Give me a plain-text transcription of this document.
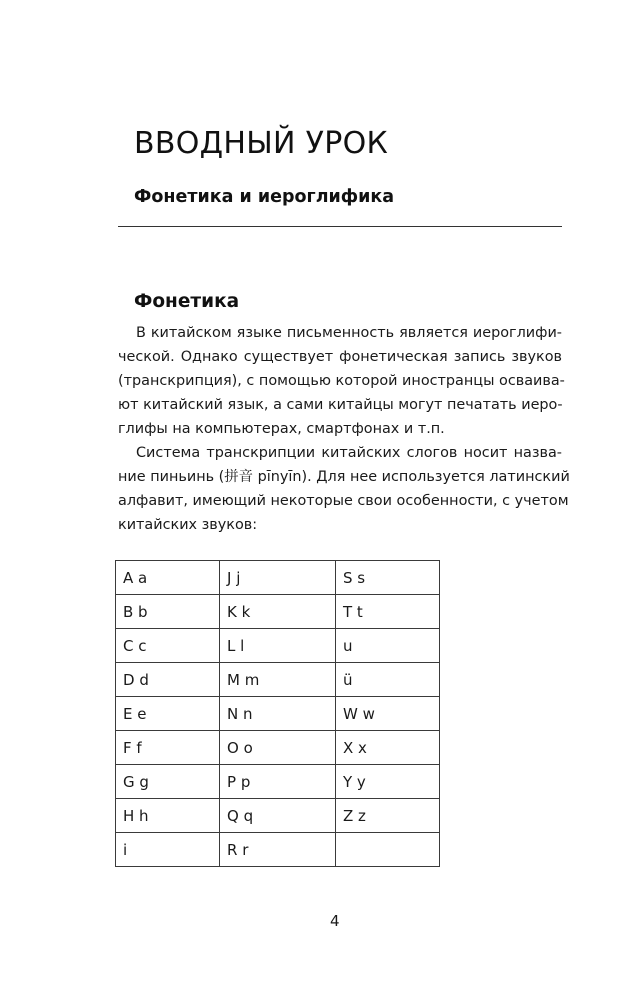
ВВОДНЫЙ УРОК
Фонетика и иероглифика
Фонетика
В китайском языке письменность является иероглифи-
ческой. Однако существует фонетическая запись звуков
(транскрипция), с помощью которой иностранцы осваива-
ют китайский язык, а сами китайцы могут печатать иеро-
глифы на компьютерах, смартфонах и т.п.
Система транскрипции китайских слогов носит назва-
ние пиньинь (拼音 pīnyīn). Для нее используется латинский
алфавит, имеющий некоторые свои особенности, с учетом
китайских звуков:
A a	J j	S s
B b	K k	T t
C c	L l	u
D d	M m	ü
E e	N n	W w
F f	O o	X x
G g	P p	Y y
H h	Q q	Z z
i	R r	
4
